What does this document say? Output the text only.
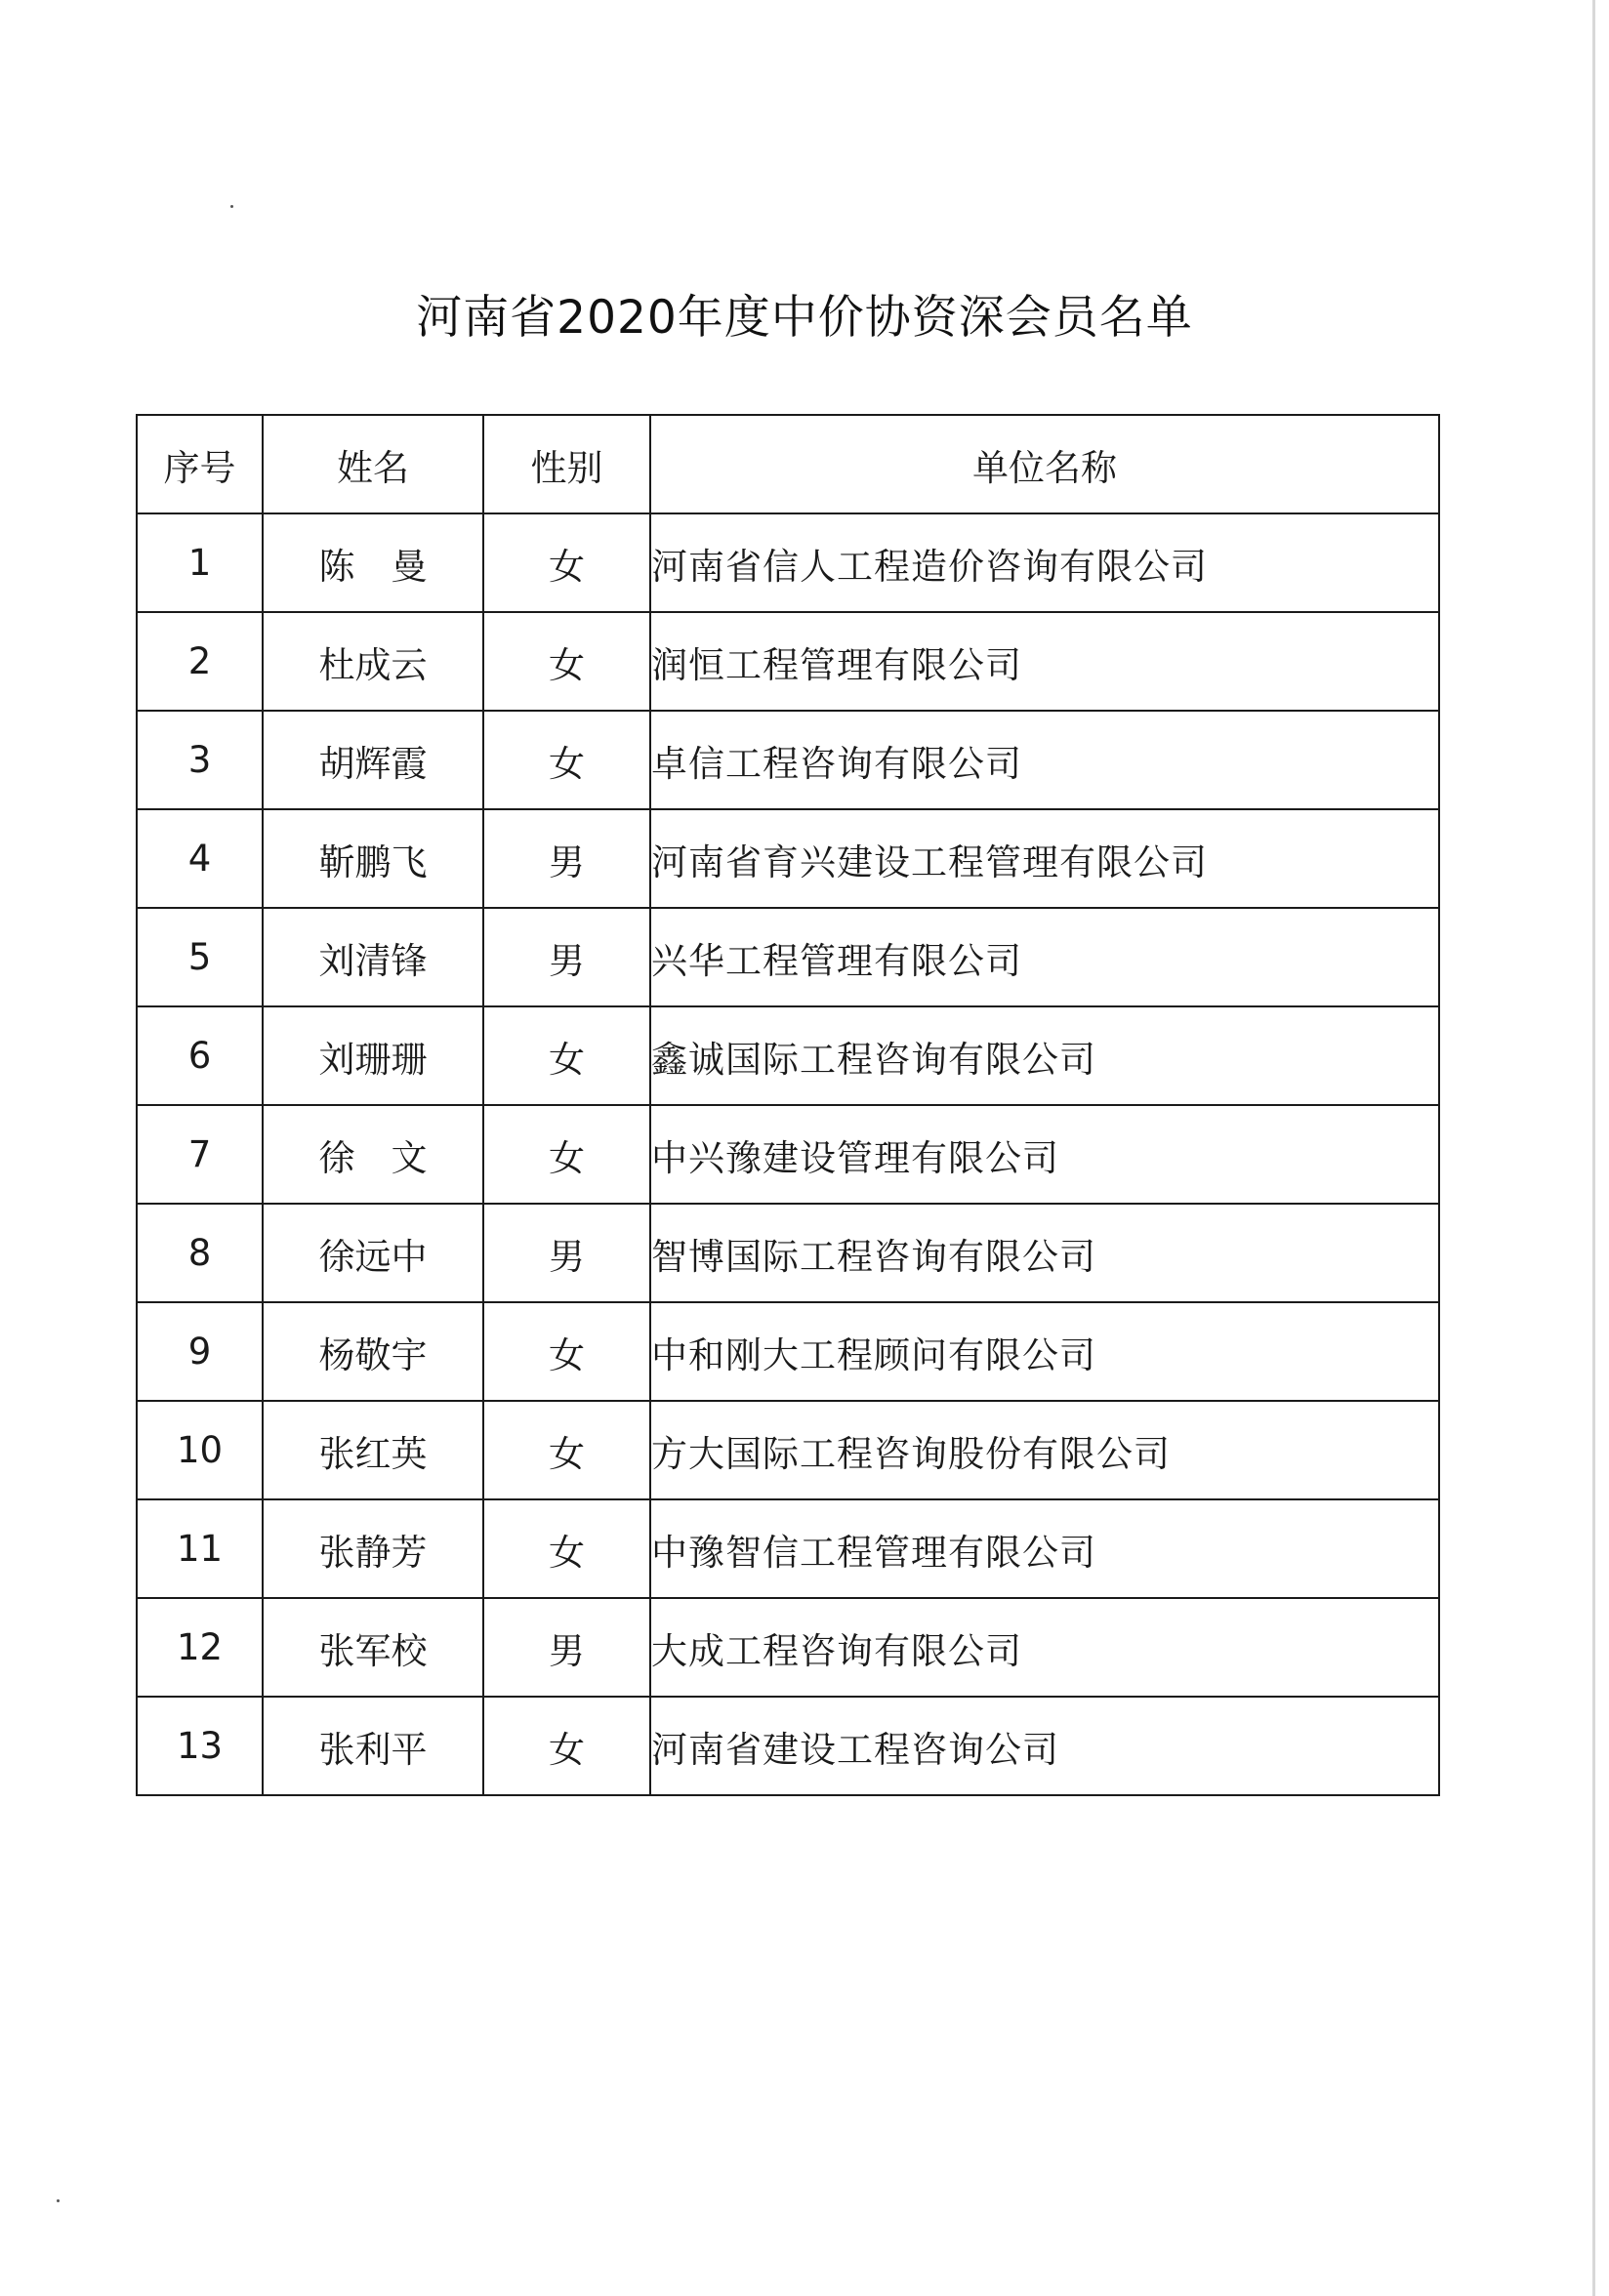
河南省2020年度中价协资深会员名单
序号	姓名	性别	单位名称
1	陈　曼	女	河南省信人工程造价咨询有限公司
2	杜成云	女	润恒工程管理有限公司
3	胡辉霞	女	卓信工程咨询有限公司
4	靳鹏飞	男	河南省育兴建设工程管理有限公司
5	刘清锋	男	兴华工程管理有限公司
6	刘珊珊	女	鑫诚国际工程咨询有限公司
7	徐　文	女	中兴豫建设管理有限公司
8	徐远中	男	智博国际工程咨询有限公司
9	杨敬宇	女	中和刚大工程顾问有限公司
10	张红英	女	方大国际工程咨询股份有限公司
11	张静芳	女	中豫智信工程管理有限公司
12	张军校	男	大成工程咨询有限公司
13	张利平	女	河南省建设工程咨询公司
